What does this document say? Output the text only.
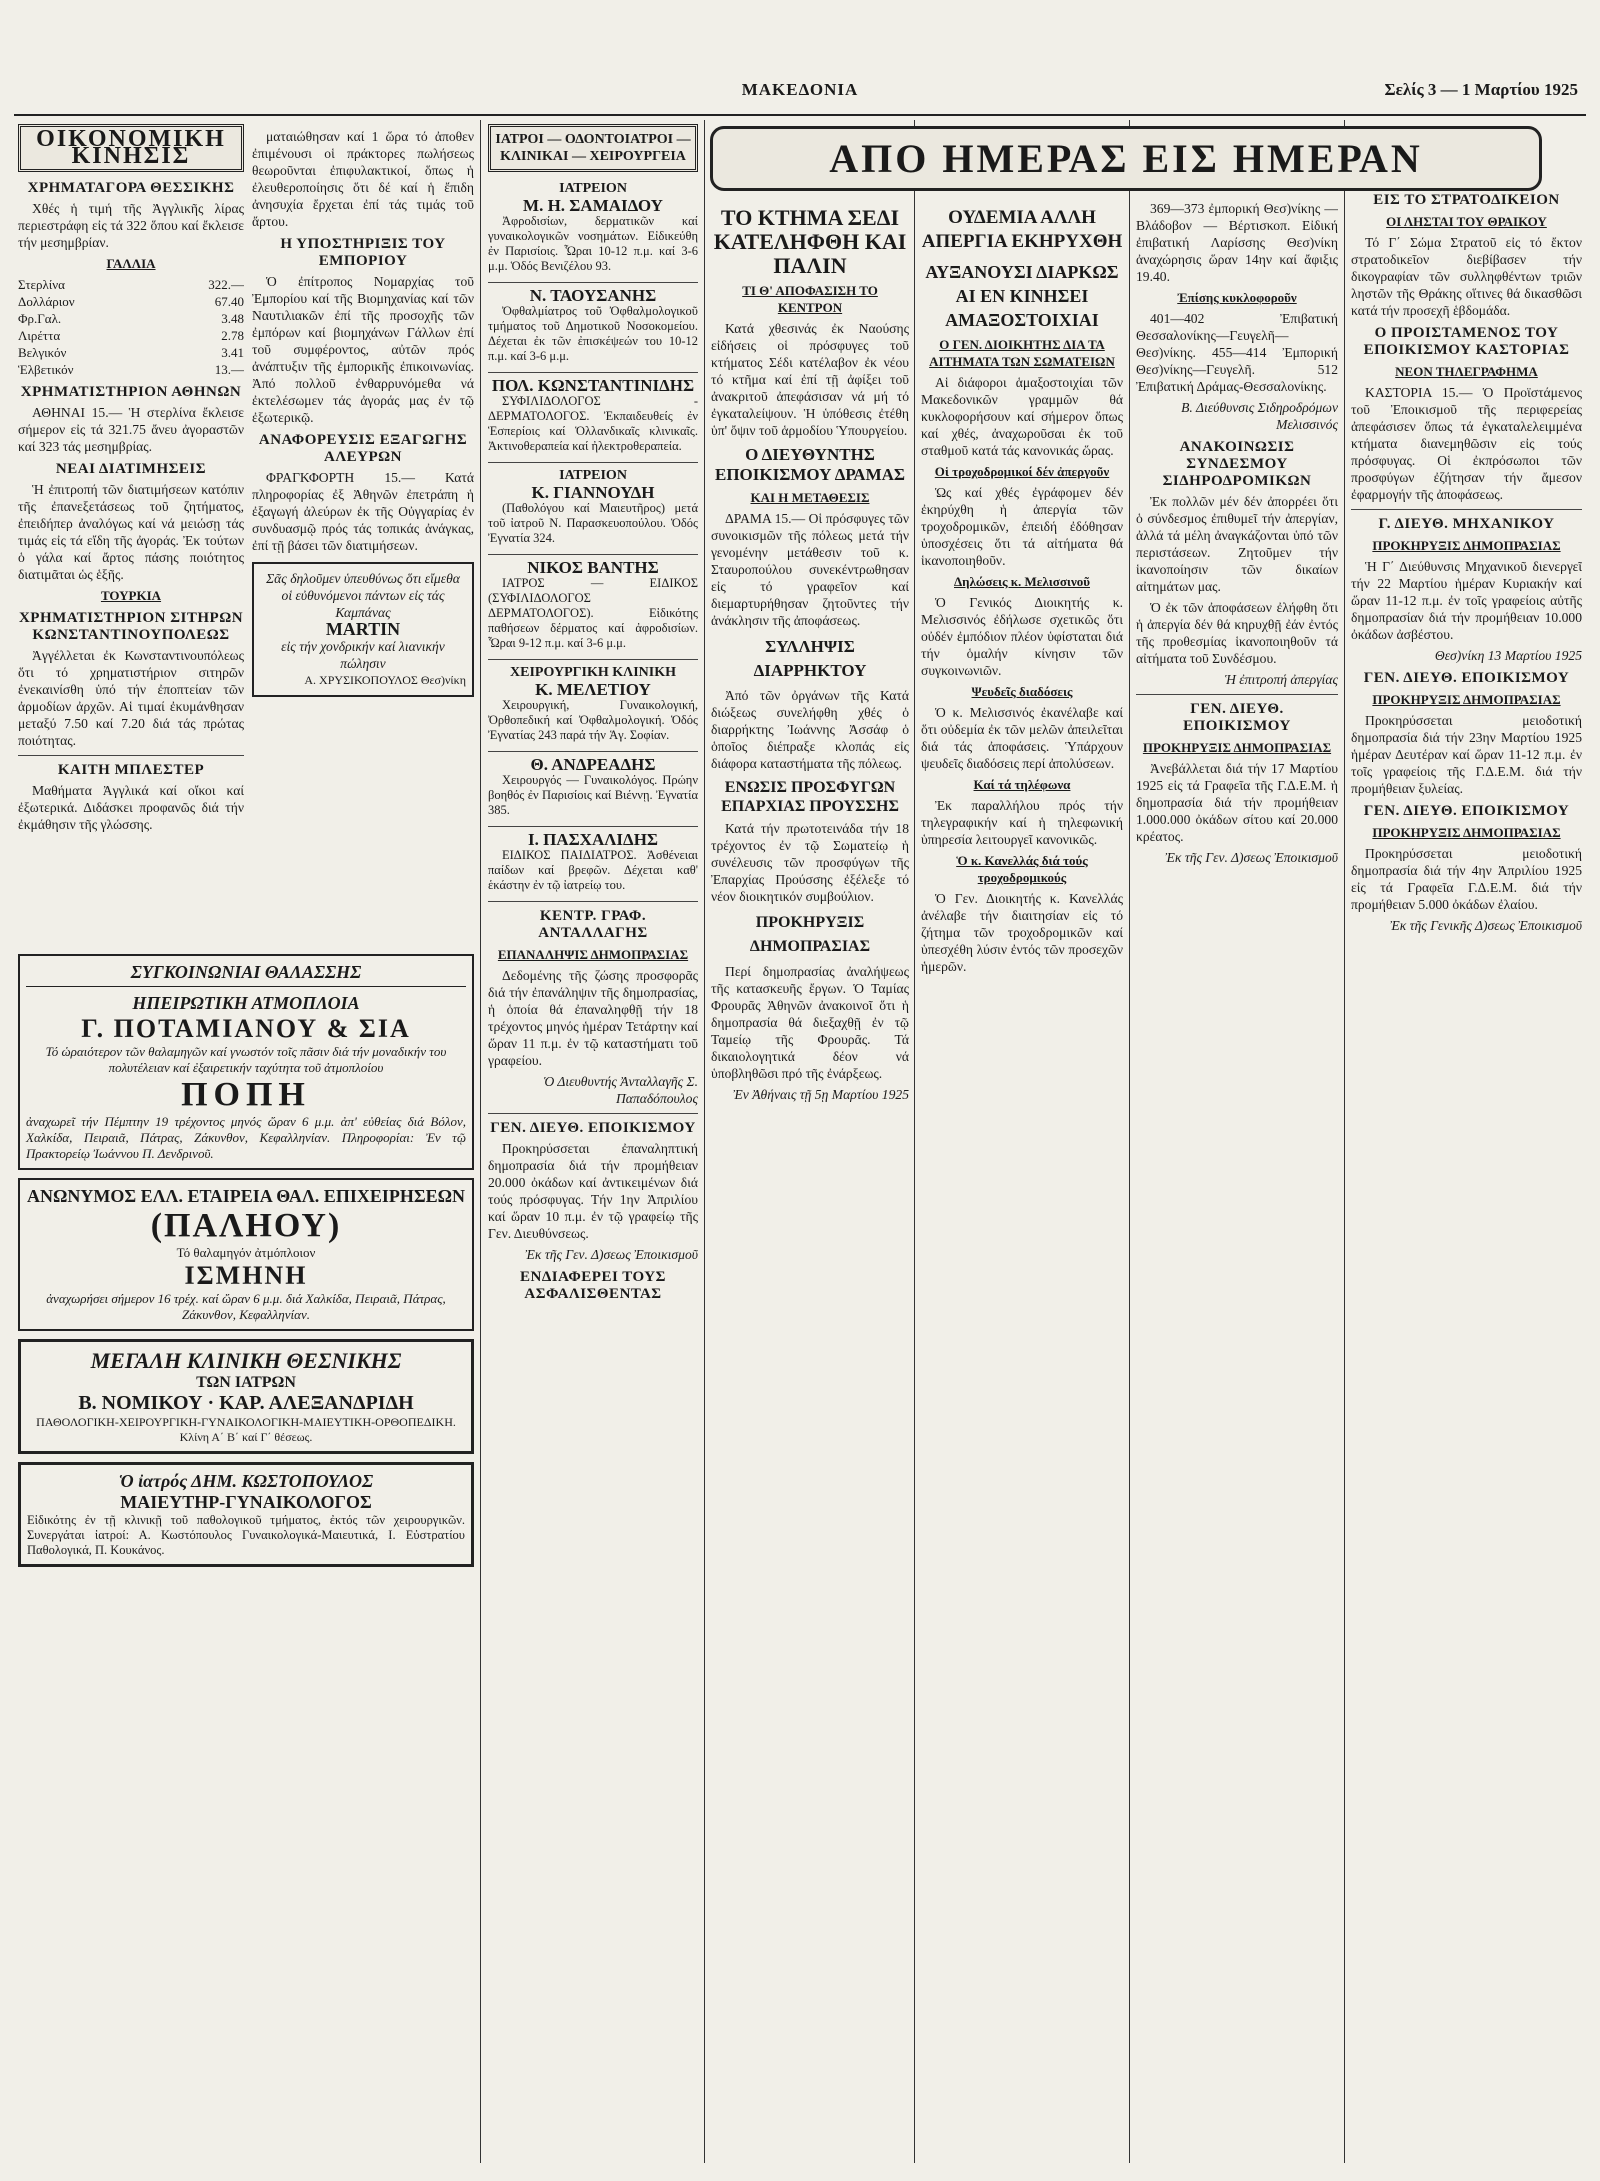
ΜΑΚΕΔΟΝΙΑ	Σελίς 3 — 1 Μαρτίου 1925
ΟΙΚΟΝΟΜΙΚΗ ΚΙΝΗΣΙΣ
ΧΡΗΜΑΤΑΓΟΡΑ ΘΕΣΣΙΚΗΣ

Χθές ἡ τιμή τῆς Ἀγγλικῆς λίρας περιεστράφη εἰς τά 322 ὅπου καί ἔκλεισε τήν μεσημβρίαν.

ΓΑΛΛΙΑ
Στερλίνα	322.—
Δολλάριον	67.40
Φρ.Γαλ.	3.48
Λιρέττα	2.78
Βελγικόν	3.41
Ἑλβετικόν	13.—
ΧΡΗΜΑΤΙΣΤΗΡΙΟΝ ΑΘΗΝΩΝ

ΑΘΗΝΑΙ 15.— Ἡ στερλίνα ἔκλεισε σήμερον εἰς τά 321.75 ἄνευ ἀγοραστῶν καί 323 τάς μεσημβρίας.

ΝΕΑΙ ΔΙΑΤΙΜΗΣΕΙΣ

Ἡ ἐπιτροπή τῶν διατιμήσεων κατόπιν τῆς ἐπανεξετάσεως τοῦ ζητήματος, ἐπειδήπερ ἀναλόγως καί νά μειώσῃ τάς τιμάς εἰς τά εἴδη τῆς ἀγοράς. Ἐκ τούτων ὁ γάλα καί ἄρτος πάσης ποιότητος διατιμᾶται ὡς ἑξῆς.

ΤΟΥΡΚΙΑ
ΧΡΗΜΑΤΙΣΤΗΡΙΟΝ ΣΙΤΗΡΩΝ ΚΩΝΣΤΑΝΤΙΝΟΥΠΟΛΕΩΣ

Ἀγγέλλεται ἐκ Κωνσταντινουπόλεως ὅτι τό χρηματιστήριον σιτηρῶν ἐνεκαινίσθη ὑπό τήν ἐποπτείαν τῶν ἀρμοδίων ἀρχῶν. Αἱ τιμαί ἐκυμάνθησαν μεταξύ 7.50 καί 7.20 διά τάς πρώτας ποιότητας.

ΚΑΙΤΗ ΜΠΛΕΣΤΕΡ

Μαθήματα Ἀγγλικά καί οἴκοι καί ἐξωτερικά. Διδάσκει προφανῶς διά τήν ἐκμάθησιν τῆς γλώσσης.

ματαιώθησαν καί 1 ὥρα τό ἀποθεν ἐπιμένουσι οἱ πράκτορες πωλήσεως θεωροῦνται ἐπιφυλακτικοί, ὅπως ἡ ἐλευθεροποίησις ὅτι δέ καί ἡ ἔπιδη ἀνησυχία ἔρχεται ἐπί τάς τιμάς τοῦ ἄρτου.

Η ΥΠΟΣΤΗΡΙΞΙΣ ΤΟΥ ΕΜΠΟΡΙΟΥ

Ὁ ἐπίτροπος Νομαρχίας τοῦ Ἐμπορίου καί τῆς Βιομηχανίας καί τῶν Ναυτιλιακῶν ἐπί τῆς προσοχῆς τῶν ἐμπόρων καί βιομηχάνων Γάλλων ἐπί τοῦ συμφέροντος, αὐτῶν πρός ἀνάπτυξιν τῆς ἐμπορικῆς ἐπικοινωνίας. Ἀπό πολλοῦ ἐνθαρρυνόμεθα νά ἐκτελέσωμεν τάς ἀγοράς μας ἐν τῷ ἐξωτερικῷ.

ΑΝΑΦΟΡΕΥΣΙΣ ΕΞΑΓΩΓΗΣ ΑΛΕΥΡΩΝ

ΦΡΑΓΚΦΟΡΤΗ 15.— Κατά πληροφορίας ἐξ Ἀθηνῶν ἐπετράπη ἡ ἐξαγωγή ἀλεύρων ἐκ τῆς Οὐγγαρίας ἐν συνδυασμῷ πρός τάς τοπικάς ἀνάγκας, ἐπί τῇ βάσει τῶν διατιμήσεων.

Σᾶς δηλοῦμεν ὑπευθύνως ὅτι εἴμεθα οἱ εὐθυνόμενοι πάντων εἰς τάς Καμπάνας
MARTIN
εἰς τήν χονδρικήν καί λιανικήν πώλησιν
Α. ΧΡΥΣΙΚΟΠΟΥΛΟΣ Θεσ)νίκη
ΣΥΓΚΟΙΝΩΝΙΑΙ ΘΑΛΑΣΣΗΣ
ΗΠΕΙΡΩΤΙΚΗ ΑΤΜΟΠΛΟΙΑ
Γ. ΠΟΤΑΜΙΑΝΟΥ & ΣΙΑ
Τό ὡραιότερον τῶν θαλαμηγῶν καί γνωστόν τοῖς πᾶσιν διά τήν μοναδικήν του πολυτέλειαν καί ἐξαιρετικήν ταχύτητα τοῦ ἀτμοπλοίου
ΠΟΠΗ
ἀναχωρεῖ τήν Πέμπτην 19 τρέχοντος μηνός ὥραν 6 μ.μ. ἀπ' εὐθείας διά Βόλον, Χαλκίδα, Πειραιᾶ, Πάτρας, Ζάκυνθον, Κεφαλληνίαν. Πληροφορίαι: Ἐν τῷ Πρακτορείῳ Ἰωάννου Π. Δενδρινοῦ.
ΑΝΩΝΥΜΟΣ ΕΛΛ. ΕΤΑΙΡΕΙΑ ΘΑΛ. ΕΠΙΧΕΙΡΗΣΕΩΝ
(ΠΑΛΗΟΥ)
Τό θαλαμηγόν ἀτμόπλοιον
ΙΣΜΗΝΗ
ἀναχωρήσει σήμερον 16 τρέχ. καί ὥραν 6 μ.μ. διά Χαλκίδα, Πειραιᾶ, Πάτρας, Ζάκυνθον, Κεφαλληνίαν.
ΜΕΓΑΛΗ ΚΛΙΝΙΚΗ ΘΕΣΝΙΚΗΣ
ΤΩΝ ΙΑΤΡΩΝ
Β. ΝΟΜΙΚΟΥ · ΚΑΡ. ΑΛΕΞΑΝΔΡΙΔΗ
ΠΑΘΟΛΟΓΙΚΗ-ΧΕΙΡΟΥΡΓΙΚΗ-ΓΥΝΑΙΚΟΛΟΓΙΚΗ-ΜΑΙΕΥΤΙΚΗ-ΟΡΘΟΠΕΔΙΚΗ. Κλίνη Α΄ Β΄ καί Γ΄ θέσεως.
Ὁ ἰατρός ΔΗΜ. ΚΩΣΤΟΠΟΥΛΟΣ
ΜΑΙΕΥΤΗΡ-ΓΥΝΑΙΚΟΛΟΓΟΣ
Εἰδικότης ἐν τῇ κλινικῇ τοῦ παθολογικοῦ τμήματος, ἐκτός τῶν χειρουργικῶν. Συνεργάται ἰατροί: Α. Κωστόπουλος Γυναικολογικά-Μαιευτικά, Ι. Εὐστρατίου Παθολογικά, Π. Κουκάνος.
ΙΑΤΡΟΙ — ΟΔΟΝΤΟΙΑΤΡΟΙ —
ΚΛΙΝΙΚΑΙ — ΧΕΙΡΟΥΡΓΕΙΑ
ΙΑΤΡΕΙΟΝ
Μ. Η. ΣΑΜΑΙΔΟΥ

Ἀφροδισίων, δερματικῶν καί γυναικολογικῶν νοσημάτων. Εἰδικεύθη ἐν Παρισίοις. Ὧραι 10-12 π.μ. καί 3-6 μ.μ. Ὁδός Βενιζέλου 93.

Ν. ΤΑΟΥΣΑΝΗΣ

Ὀφθαλμίατρος τοῦ Ὀφθαλμολογικοῦ τμήματος τοῦ Δημοτικοῦ Νοσοκομείου. Δέχεται ἐκ τῶν ἐπισκέψεών του 10-12 π.μ. καί 3-6 μ.μ.

ΠΟΛ. ΚΩΝΣΤΑΝΤΙΝΙΔΗΣ

ΣΥΦΙΛΙΔΟΛΟΓΟΣ - ΔΕΡΜΑΤΟΛΟΓΟΣ. Ἐκπαιδευθείς ἐν Ἑσπερίοις καί Ὁλλανδικαῖς κλινικαῖς. Ἀκτινοθεραπεία καί ἠλεκτροθεραπεία.

ΙΑΤΡΕΙΟΝ
Κ. ΓΙΑΝΝΟΥΔΗ

(Παθολόγου καί Μαιευτῆρος) μετά τοῦ ἰατροῦ Ν. Παρασκευοπούλου. Ὁδός Ἐγνατία 324.

ΝΙΚΟΣ ΒΑΝΤΗΣ

ΙΑΤΡΟΣ — ΕΙΔΙΚΟΣ (ΣΥΦΙΛΙΔΟΛΟΓΟΣ ΔΕΡΜΑΤΟΛΟΓΟΣ). Εἰδικότης παθήσεων δέρματος καί ἀφροδισίων. Ὧραι 9-12 π.μ. καί 3-6 μ.μ.

ΧΕΙΡΟΥΡΓΙΚΗ ΚΛΙΝΙΚΗ
Κ. ΜΕΛΕΤΙΟΥ

Χειρουργική, Γυναικολογική, Ὀρθοπεδική καί Ὀφθαλμολογική. Ὁδός Ἐγνατίας 243 παρά τήν Ἁγ. Σοφίαν.

Θ. ΑΝΔΡΕΑΔΗΣ

Χειρουργός — Γυναικολόγος. Πρώην βοηθός ἐν Παρισίοις καί Βιέννῃ. Ἐγνατία 385.

Ι. ΠΑΣΧΑΛΙΔΗΣ

ΕΙΔΙΚΟΣ ΠΑΙΔΙΑΤΡΟΣ. Ἀσθένειαι παίδων καί βρεφῶν. Δέχεται καθ' ἑκάστην ἐν τῷ ἰατρείῳ του.

ΚΕΝΤΡ. ΓΡΑΦ. ΑΝΤΑΛΛΑΓΗΣ
ΕΠΑΝΑΛΗΨΙΣ ΔΗΜΟΠΡΑΣΙΑΣ

Δεδομένης τῆς ζώσης προσφορᾶς διά τήν ἐπανάληψιν τῆς δημοπρασίας, ἡ ὁποία θά ἐπαναληφθῇ τήν 18 τρέχοντος μηνός ἡμέραν Τετάρτην καί ὥραν 11 π.μ. ἐν τῷ καταστήματι τοῦ γραφείου.

Ὁ Διευθυντής Ἀνταλλαγῆς Σ. Παπαδόπουλος

ΓΕΝ. ΔΙΕΥΘ. ΕΠΟΙΚΙΣΜΟΥ

Προκηρύσσεται ἐπαναληπτική δημοπρασία διά τήν προμήθειαν 20.000 ὀκάδων καί ἀντικειμένων διά τούς πρόσφυγας. Τήν 1ην Ἀπριλίου καί ὥραν 10 π.μ. ἐν τῷ γραφείῳ τῆς Γεν. Διευθύνσεως.

Ἐκ τῆς Γεν. Δ)σεως Ἐποικισμοῦ

ΕΝΔΙΑΦΕΡΕΙ ΤΟΥΣ ΑΣΦΑΛΙΣΘΕΝΤΑΣ
ΑΠΟ ΗΜΕΡΑΣ ΕΙΣ ΗΜΕΡΑΝ
ΤΟ ΚΤΗΜΑ ΣΕΔΙ ΚΑΤΕΛΗΦΘΗ ΚΑΙ ΠΑΛΙΝ
ΤΙ Θ' ΑΠΟΦΑΣΙΣΗ ΤΟ ΚΕΝΤΡΟΝ

Κατά χθεσινάς ἐκ Ναούσης εἰδήσεις οἱ πρόσφυγες τοῦ κτήματος Σέδι κατέλαβον ἐκ νέου τό κτῆμα καί ἐπί τῇ ἀφίξει τοῦ ἀνακριτοῦ ἀπεφάσισαν νά μή τό ἐγκαταλείψουν. Ἡ ὑπόθεσις ἐτέθη ὑπ' ὄψιν τοῦ ἁρμοδίου Ὑπουργείου.

Ο ΔΙΕΥΘΥΝΤΗΣ ΕΠΟΙΚΙΣΜΟΥ ΔΡΑΜΑΣ
ΚΑΙ Η ΜΕΤΑΘΕΣΙΣ

ΔΡΑΜΑ 15.— Οἱ πρόσφυγες τῶν συνοικισμῶν τῆς πόλεως μετά τήν γενομένην μετάθεσιν τοῦ κ. Σταυροπούλου συνεκέντρωθησαν εἰς τό γραφεῖον καί διεμαρτυρήθησαν ζητοῦντες τήν ἀνάκλησιν τῆς ἀποφάσεως.

ΣΥΛΛΗΨΙΣ ΔΙΑΡΡΗΚΤΟΥ

Ἀπό τῶν ὀργάνων τῆς Κατά διώξεως συνελήφθη χθές ὁ διαρρήκτης Ἰωάννης Ἀσσάφ ὁ ὁποῖος διέπραξε κλοπάς εἰς διάφορα καταστήματα τῆς πόλεως.

ΕΝΩΣΙΣ ΠΡΟΣΦΥΓΩΝ ΕΠΑΡΧΙΑΣ ΠΡΟΥΣΣΗΣ

Κατά τήν πρωτοτεινάδα τήν 18 τρέχοντος ἐν τῷ Σωματείῳ ἡ συνέλευσις τῶν προσφύγων τῆς Ἐπαρχίας Προύσσης ἐξέλεξε τό νέον διοικητικόν συμβούλιον.

ΠΡΟΚΗΡΥΞΙΣ ΔΗΜΟΠΡΑΣΙΑΣ

Περί δημοπρασίας ἀναλήψεως τῆς κατασκευῆς ἔργων. Ὁ Ταμίας Φρουρᾶς Ἀθηνῶν ἀνακοινοῖ ὅτι ἡ δημοπρασία θά διεξαχθῇ ἐν τῷ Ταμείῳ τῆς Φρουρᾶς. Τά δικαιολογητικά δέον νά ὑποβληθῶσι πρό τῆς ἐνάρξεως.

Ἐν Ἀθήναις τῇ 5ῃ Μαρτίου 1925

ΟΥΔΕΜΙΑ ΑΛΛΗ ΑΠΕΡΓΙΑ ΕΚΗΡΥΧΘΗ
ΑΥΞΑΝΟΥΣΙ ΔΙΑΡΚΩΣ ΑΙ ΕΝ ΚΙΝΗΣΕΙ ΑΜΑΞΟΣΤΟΙΧΙΑΙ
Ο ΓΕΝ. ΔΙΟΙΚΗΤΗΣ ΔΙΑ ΤΑ ΑΙΤΗΜΑΤΑ ΤΩΝ ΣΩΜΑΤΕΙΩΝ

Αἱ διάφοροι ἁμαξοστοιχίαι τῶν Μακεδονικῶν γραμμῶν θά κυκλοφορήσουν καί σήμερον ὅπως καί χθές, ἀναχωροῦσαι ἐκ τοῦ σταθμοῦ κατά τάς κανονικάς ὥρας.

Οἱ τροχοδρομικοί δέν ἀπεργοῦν

Ὡς καί χθές ἐγράφομεν δέν ἐκηρύχθη ἡ ἀπεργία τῶν τροχοδρομικῶν, ἐπειδή ἐδόθησαν ὑποσχέσεις ὅτι τά αἰτήματα θά ἱκανοποιηθοῦν.

Δηλώσεις κ. Μελισσινοῦ

Ὁ Γενικός Διοικητής κ. Μελισσινός ἐδήλωσε σχετικῶς ὅτι οὐδέν ἐμπόδιον πλέον ὑφίσταται διά τήν ὁμαλήν κίνησιν τῶν συγκοινωνιῶν.

Ψευδεῖς διαδόσεις

Ὁ κ. Μελισσινός ἐκανέλαβε καί ὅτι οὐδεμία ἐκ τῶν μελῶν ἀπειλεῖται διά τάς ἀποφάσεις. Ὑπάρχουν ψευδεῖς διαδόσεις περί ἀπολύσεων.

Καί τά τηλέφωνα

Ἐκ παραλλήλου πρός τήν τηλεγραφικήν καί ἡ τηλεφωνική ὑπηρεσία λειτουργεῖ κανονικῶς.

Ὁ κ. Κανελλάς διά τούς τροχοδρομικούς

Ὁ Γεν. Διοικητής κ. Κανελλάς ἀνέλαβε τήν διαιτησίαν εἰς τό ζήτημα τῶν τροχοδρομικῶν καί ὑπεσχέθη λύσιν ἐντός τῶν προσεχῶν ἡμερῶν.

369—373 ἐμπορική Θεσ)νίκης — Βλάδοβον — Βέρτισκοπ. Εἰδική ἐπιβατική Λαρίσσης Θεσ)νίκη ἀναχώρησις ὥραν 14ην καί ἄφιξις 19.40.

Ἐπίσης κυκλοφοροῦν

401—402 Ἐπιβατική Θεσσαλονίκης—Γευγελῆ—Θεσ)νίκης. 455—414 Ἐμπορική Θεσ)νίκης—Γευγελῆ. 512 Ἐπιβατική Δράμας-Θεσσαλονίκης.

Β. Διεύθυνσις Σιδηροδρόμων Μελισσινός

ΑΝΑΚΟΙΝΩΣΙΣ ΣΥΝΔΕΣΜΟΥ ΣΙΔΗΡΟΔΡΟΜΙΚΩΝ

Ἐκ πολλῶν μέν δέν ἀπορρέει ὅτι ὁ σύνδεσμος ἐπιθυμεῖ τήν ἀπεργίαν, ἀλλά τά μέλη ἀναγκάζονται ὑπό τῶν περιστάσεων. Ζητοῦμεν τήν ἱκανοποίησιν τῶν δικαίων αἰτημάτων μας.

Ὁ ἐκ τῶν ἀποφάσεων ἐλήφθη ὅτι ἡ ἀπεργία δέν θά κηρυχθῇ ἐάν ἐντός τῆς προθεσμίας ἱκανοποιηθοῦν τά αἰτήματα τοῦ Συνδέσμου.

Ἡ ἐπιτροπή ἀπεργίας

ΓΕΝ. ΔΙΕΥΘ. ΕΠΟΙΚΙΣΜΟΥ
ΠΡΟΚΗΡΥΞΙΣ ΔΗΜΟΠΡΑΣΙΑΣ

Ἀνεβάλλεται διά τήν 17 Μαρτίου 1925 εἰς τά Γραφεῖα τῆς Γ.Δ.Ε.Μ. ἡ δημοπρασία διά τήν προμήθειαν 1.000.000 ὀκάδων σίτου καί 20.000 κρέατος.

Ἐκ τῆς Γεν. Δ)σεως Ἐποικισμοῦ

ΕΙΣ ΤΟ ΣΤΡΑΤΟΔΙΚΕΙΟΝ
ΟΙ ΛΗΣΤΑΙ ΤΟΥ ΘΡΑΙΚΟΥ

Τό Γ΄ Σώμα Στρατοῦ εἰς τό ἔκτον στρατοδικεῖον διεβίβασεν τήν δικογραφίαν τῶν συλληφθέντων τριῶν ληστῶν τῆς Θράκης οἵτινες θά δικασθῶσι κατά τήν προσεχῆ ἑβδομάδα.

Ο ΠΡΟΙΣΤΑΜΕΝΟΣ ΤΟΥ ΕΠΟΙΚΙΣΜΟΥ ΚΑΣΤΟΡΙΑΣ
ΝΕΟΝ ΤΗΛΕΓΡΑΦΗΜΑ

ΚΑΣΤΟΡΙΑ 15.— Ὁ Προϊστάμενος τοῦ Ἐποικισμοῦ τῆς περιφερείας ἀπεφάσισεν ὅπως τά ἐγκαταλελειμμένα κτήματα διανεμηθῶσιν εἰς τούς πρόσφυγας. Οἱ ἐκπρόσωποι τῶν προσφύγων ἐζήτησαν τήν ἄμεσον ἐφαρμογήν τῆς ἀποφάσεως.

Γ. ΔΙΕΥΘ. ΜΗΧΑΝΙΚΟΥ
ΠΡΟΚΗΡΥΞΙΣ ΔΗΜΟΠΡΑΣΙΑΣ

Ἡ Γ΄ Διεύθυνσις Μηχανικοῦ διενεργεῖ τήν 22 Μαρτίου ἡμέραν Κυριακήν καί ὥραν 11-12 π.μ. ἐν τοῖς γραφείοις αὐτῆς δημοπρασίαν διά τήν προμήθειαν 10.000 ὀκάδων ἀσβέστου.

Θεσ)νίκη 13 Μαρτίου 1925

ΓΕΝ. ΔΙΕΥΘ. ΕΠΟΙΚΙΣΜΟΥ
ΠΡΟΚΗΡΥΞΙΣ ΔΗΜΟΠΡΑΣΙΑΣ

Προκηρύσσεται μειοδοτική δημοπρασία διά τήν 23ην Μαρτίου 1925 ἡμέραν Δευτέραν καί ὥραν 11-12 π.μ. ἐν τοῖς γραφείοις τῆς Γ.Δ.Ε.Μ. διά τήν προμήθειαν ξυλείας.

ΓΕΝ. ΔΙΕΥΘ. ΕΠΟΙΚΙΣΜΟΥ
ΠΡΟΚΗΡΥΞΙΣ ΔΗΜΟΠΡΑΣΙΑΣ

Προκηρύσσεται μειοδοτική δημοπρασία διά τήν 4ην Ἀπριλίου 1925 εἰς τά Γραφεῖα Γ.Δ.Ε.Μ. διά τήν προμήθειαν 5.000 ὀκάδων ἐλαίου.

Ἐκ τῆς Γενικῆς Δ)σεως Ἐποικισμοῦ
